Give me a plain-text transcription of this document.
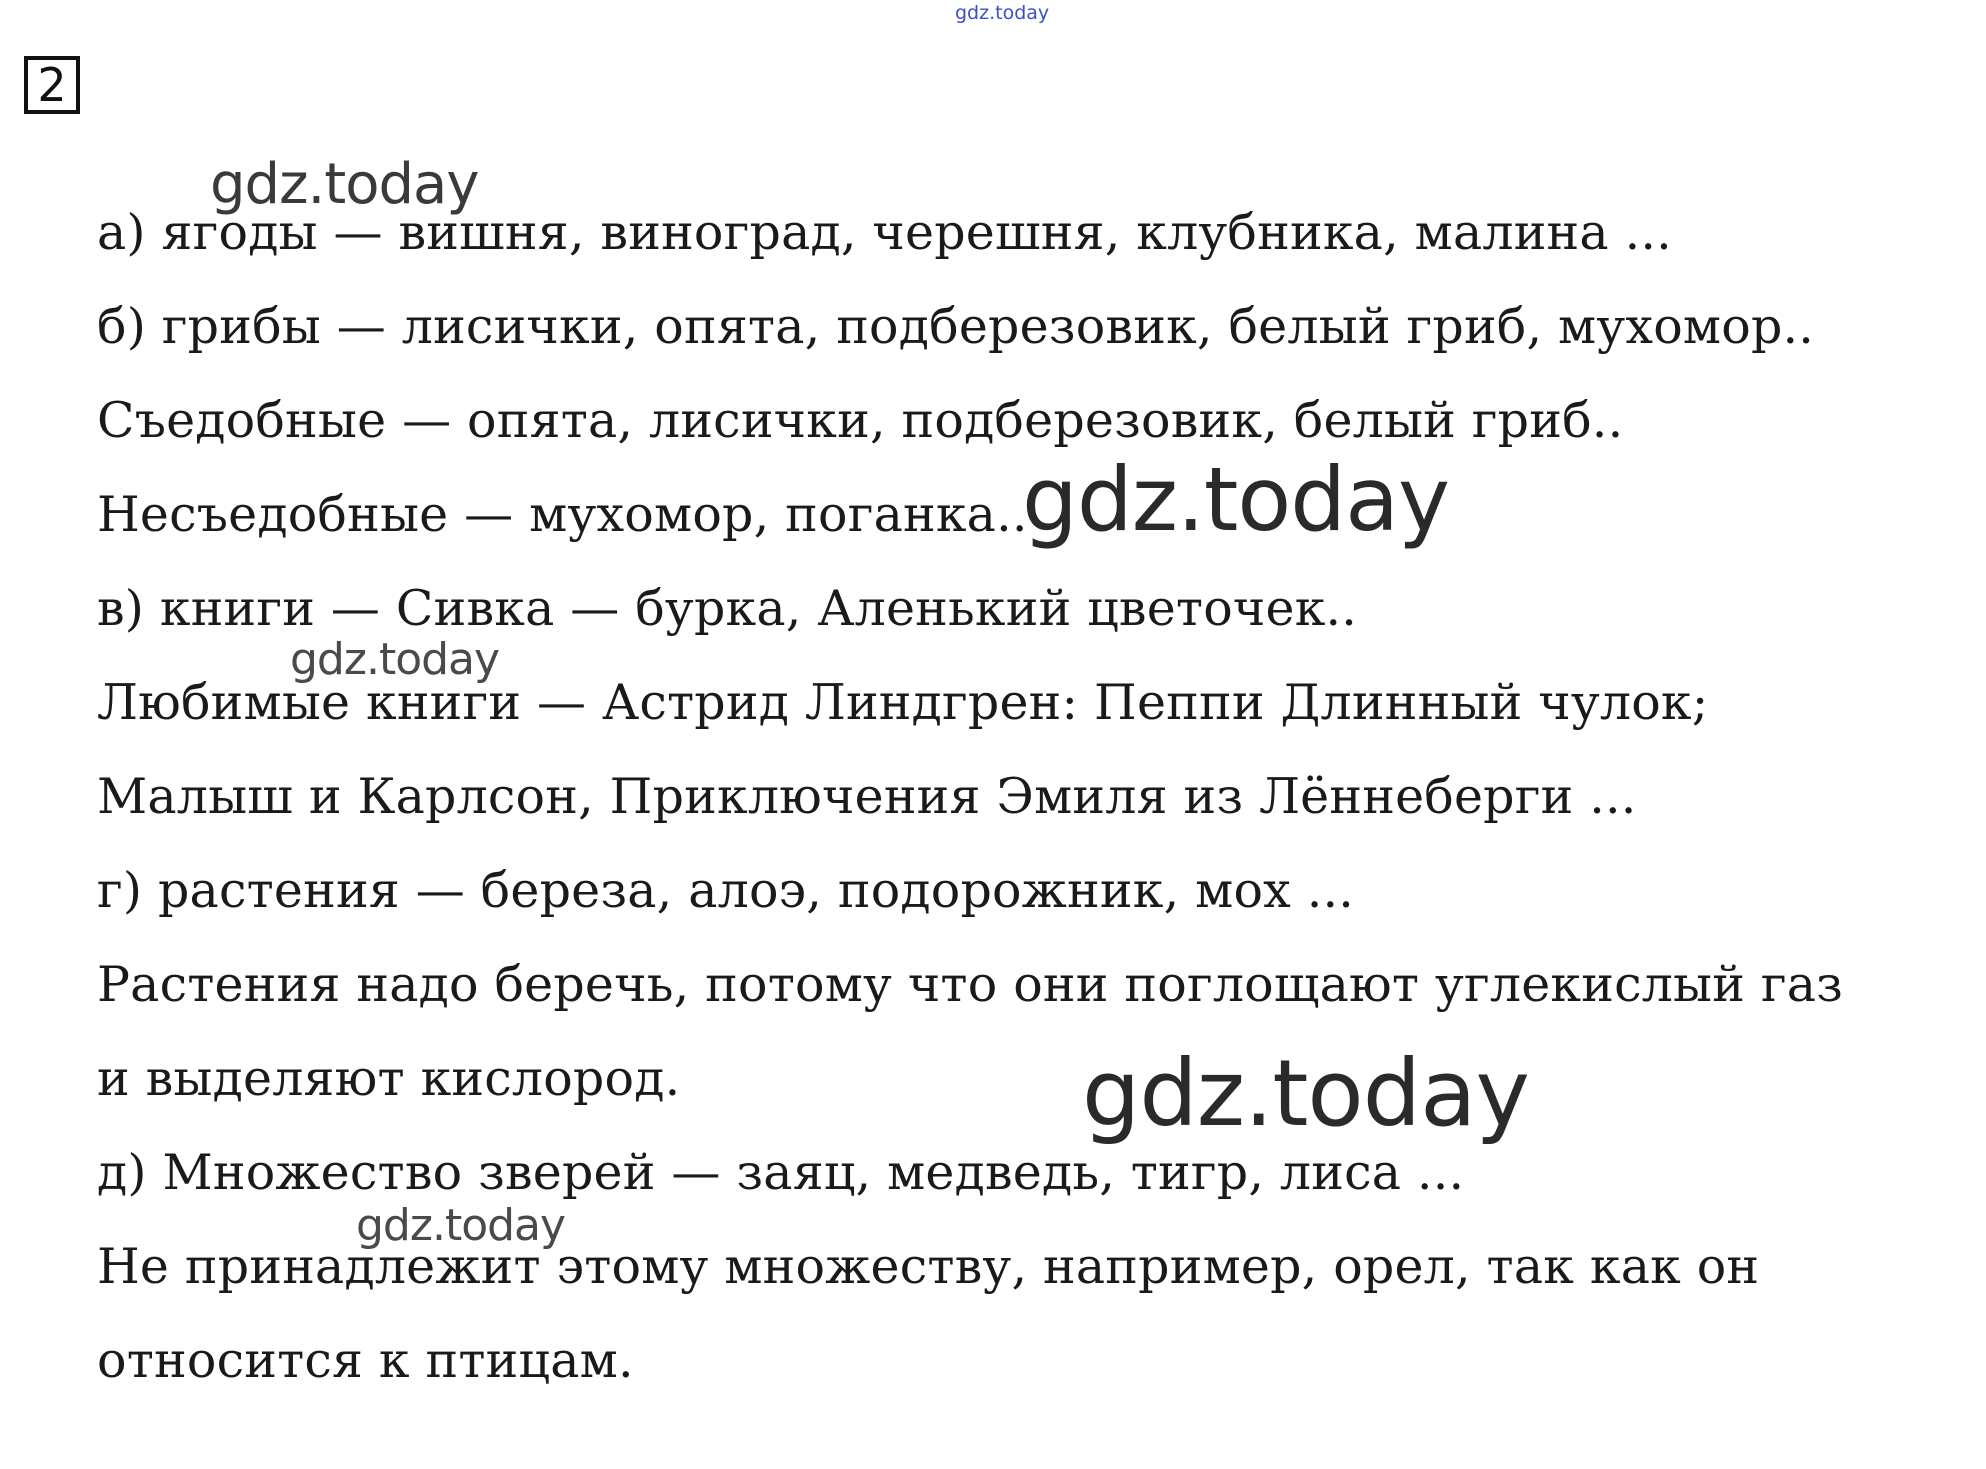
gdz.today
2
а) ягоды — вишня, виноград, черешня, клубника, малина ...
б) грибы — лисички, опята, подберезовик, белый гриб, мухомор..
Съедобные — опята, лисички, подберезовик, белый гриб..
Несъедобные — мухомор, поганка..
в) книги — Сивка — бурка, Аленький цветочек..
Любимые книги — Астрид Линдгрен: Пеппи Длинный чулок;
Малыш и Карлсон, Приключения Эмиля из Лённеберги ...
г) растения — береза, алоэ, подорожник, мох ...
Растения надо беречь, потому что они поглощают углекислый газ
и выделяют кислород.
д) Множество зверей — заяц, медведь, тигр, лиса ...
Не принадлежит этому множеству, например, орел, так как он
относится к птицам.
gdz.today
gdz.today
gdz.today
gdz.today
gdz.today
